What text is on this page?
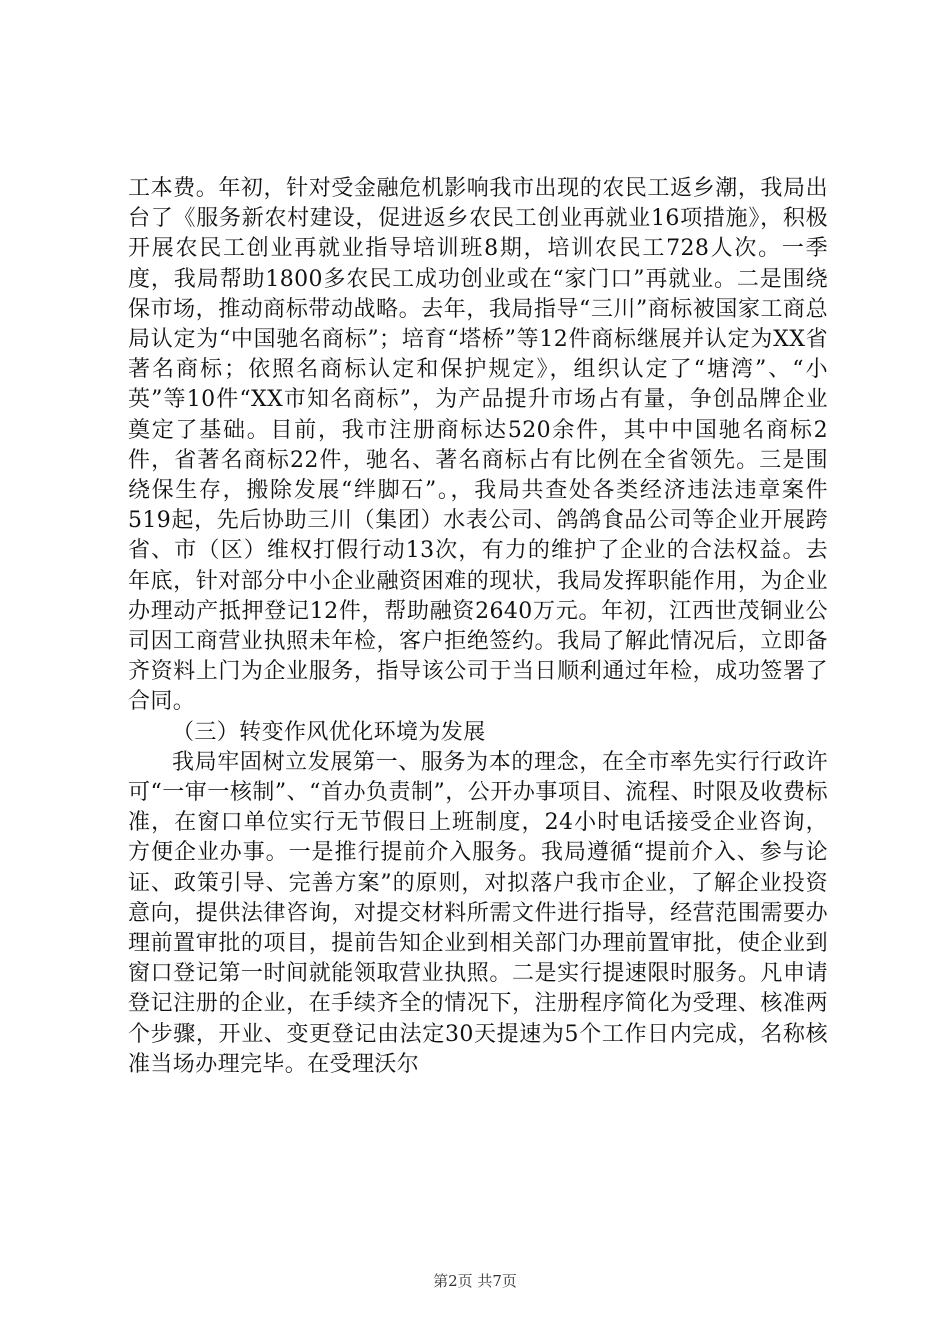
工本费。年初，针对受金融危机影响我市出现的农民工返乡潮，我局出台了《服务新农村建设，促进返乡农民工创业再就业16项措施》，积极开展农民工创业再就业指导培训班8期，培训农民工728人次。一季度，我局帮助1800多农民工成功创业或在“家门口”再就业。二是围绕保市场，推动商标带动战略。去年，我局指导“三川”商标被国家工商总局认定为“中国驰名商标”；培育“塔桥”等12件商标继展并认定为XX省著名商标；依照名商标认定和保护规定》，组织认定了“塘湾”、“小英”等10件“XX市知名商标”，为产品提升市场占有量，争创品牌企业奠定了基础。目前，我市注册商标达520余件，其中中国驰名商标2件，省著名商标22件，驰名、著名商标占有比例在全省领先。三是围绕保生存，搬除发展“绊脚石”。，我局共查处各类经济违法违章案件519起，先后协助三川（集团）水表公司、鸽鸽食品公司等企业开展跨省、市（区）维权打假行动13次，有力的维护了企业的合法权益。去年底，针对部分中小企业融资困难的现状，我局发挥职能作用，为企业办理动产抵押登记12件，帮助融资2640万元。年初，江西世茂铜业公司因工商营业执照未年检，客户拒绝签约。我局了解此情况后，立即备齐资料上门为企业服务，指导该公司于当日顺利通过年检，成功签署了合同。

（三）转变作风优化环境为发展

我局牢固树立发展第一、服务为本的理念，在全市率先实行行政许可“一审一核制”、“首办负责制”，公开办事项目、流程、时限及收费标准，在窗口单位实行无节假日上班制度，24小时电话接受企业咨询，方便企业办事。一是推行提前介入服务。我局遵循“提前介入、参与论证、政策引导、完善方案”的原则，对拟落户我市企业，了解企业投资意向，提供法律咨询，对提交材料所需文件进行指导，经营范围需要办理前置审批的项目，提前告知企业到相关部门办理前置审批，使企业到窗口登记第一时间就能领取营业执照。二是实行提速限时服务。凡申请登记注册的企业，在手续齐全的情况下，注册程序简化为受理、核准两个步骤，开业、变更登记由法定30天提速为5个工作日内完成，名称核准当场办理完毕。在受理沃尔

第2页 共7页
